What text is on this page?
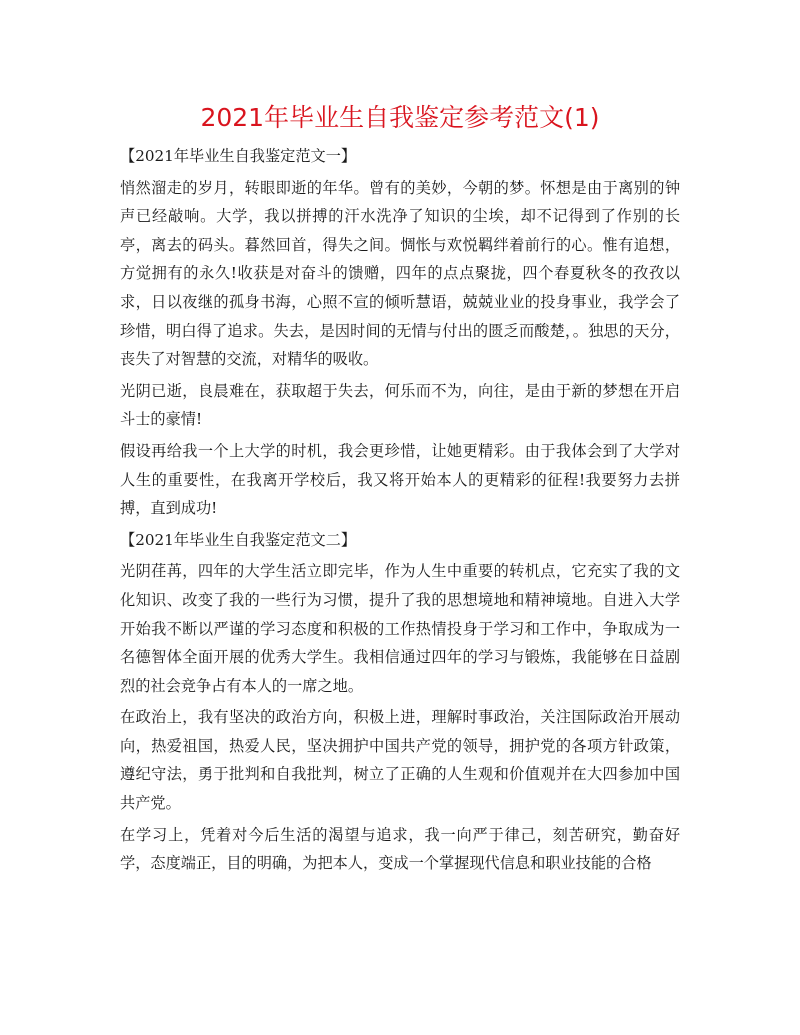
2021年毕业生自我鉴定参考范文(1)

【2021年毕业生自我鉴定范文一】

悄然溜走的岁月，转眼即逝的年华。曾有的美妙，今朝的梦。怀想是由于离别的钟声已经敲响。大学，我以拼搏的汗水洗净了知识的尘埃，却不记得到了作别的长亭，离去的码头。暮然回首，得失之间。惆怅与欢悦羁绊着前行的心。惟有追想，方觉拥有的永久!收获是对奋斗的馈赠，四年的点点聚拢，四个春夏秋冬的孜孜以求，日以夜继的孤身书海，心照不宣的倾听慧语，兢兢业业的投身事业，我学会了珍惜，明白得了追求。失去，是因时间的无情与付出的匮乏而酸楚，。独思的天分，丧失了对智慧的交流，对精华的吸收。

光阴已逝，良晨难在，获取超于失去，何乐而不为，向往，是由于新的梦想在开启斗士的豪情!

假设再给我一个上大学的时机，我会更珍惜，让她更精彩。由于我体会到了大学对人生的重要性，在我离开学校后，我又将开始本人的更精彩的征程!我要努力去拼搏，直到成功!

【2021年毕业生自我鉴定范文二】

光阴荏苒，四年的大学生活立即完毕，作为人生中重要的转机点，它充实了我的文化知识、改变了我的一些行为习惯，提升了我的思想境地和精神境地。自进入大学开始我不断以严谨的学习态度和积极的工作热情投身于学习和工作中，争取成为一名德智体全面开展的优秀大学生。我相信通过四年的学习与锻炼，我能够在日益剧烈的社会竞争占有本人的一席之地。

在政治上，我有坚决的政治方向，积极上进，理解时事政治，关注国际政治开展动向，热爱祖国，热爱人民，坚决拥护中国共产党的领导，拥护党的各项方针政策，遵纪守法，勇于批判和自我批判，树立了正确的人生观和价值观并在大四参加中国共产党。

在学习上，凭着对今后生活的渴望与追求，我一向严于律己，刻苦研究，勤奋好学，态度端正，目的明确，为把本人，变成一个掌握现代信息和职业技能的合格
